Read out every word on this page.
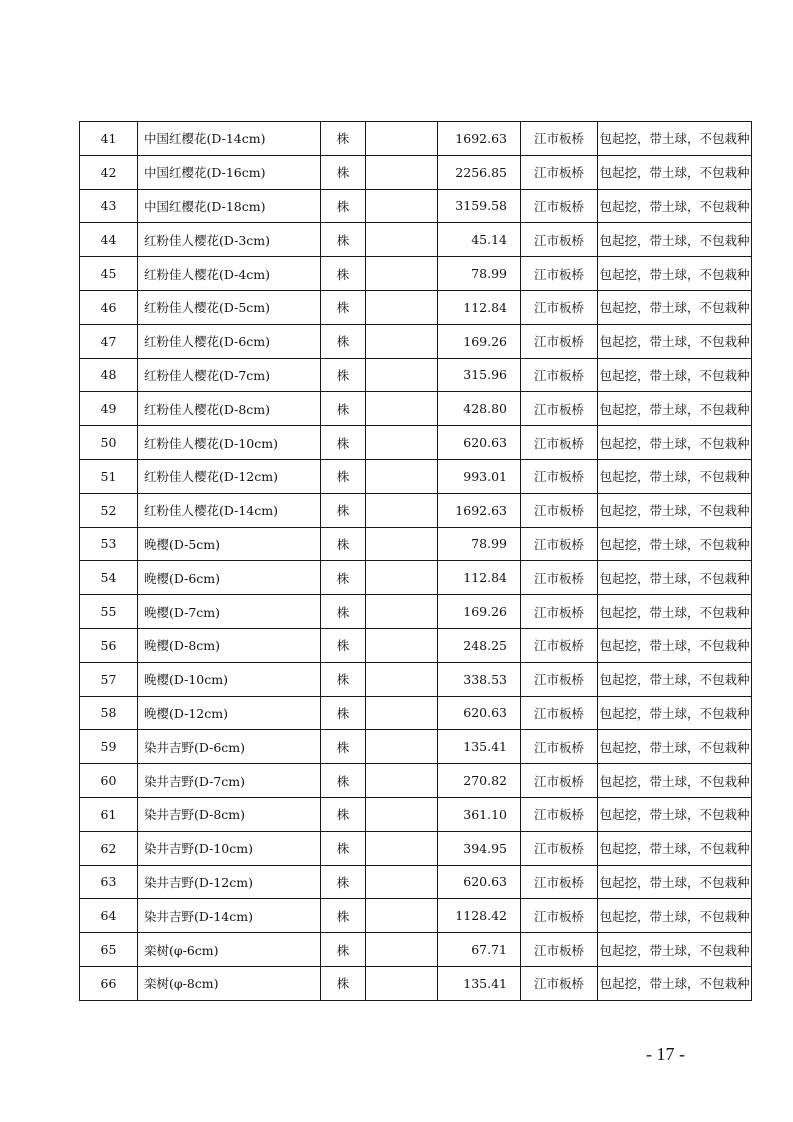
41	中国红樱花(D-14cm)	株		1692.63	江市板桥	包起挖，带土球，不包栽种
42	中国红樱花(D-16cm)	株		2256.85	江市板桥	包起挖，带土球，不包栽种
43	中国红樱花(D-18cm)	株		3159.58	江市板桥	包起挖，带土球，不包栽种
44	红粉佳人樱花(D-3cm)	株		45.14	江市板桥	包起挖，带土球，不包栽种
45	红粉佳人樱花(D-4cm)	株		78.99	江市板桥	包起挖，带土球，不包栽种
46	红粉佳人樱花(D-5cm)	株		112.84	江市板桥	包起挖，带土球，不包栽种
47	红粉佳人樱花(D-6cm)	株		169.26	江市板桥	包起挖，带土球，不包栽种
48	红粉佳人樱花(D-7cm)	株		315.96	江市板桥	包起挖，带土球，不包栽种
49	红粉佳人樱花(D-8cm)	株		428.80	江市板桥	包起挖，带土球，不包栽种
50	红粉佳人樱花(D-10cm)	株		620.63	江市板桥	包起挖，带土球，不包栽种
51	红粉佳人樱花(D-12cm)	株		993.01	江市板桥	包起挖，带土球，不包栽种
52	红粉佳人樱花(D-14cm)	株		1692.63	江市板桥	包起挖，带土球，不包栽种
53	晚樱(D-5cm)	株		78.99	江市板桥	包起挖，带土球，不包栽种
54	晚樱(D-6cm)	株		112.84	江市板桥	包起挖，带土球，不包栽种
55	晚樱(D-7cm)	株		169.26	江市板桥	包起挖，带土球，不包栽种
56	晚樱(D-8cm)	株		248.25	江市板桥	包起挖，带土球，不包栽种
57	晚樱(D-10cm)	株		338.53	江市板桥	包起挖，带土球，不包栽种
58	晚樱(D-12cm)	株		620.63	江市板桥	包起挖，带土球，不包栽种
59	染井吉野(D-6cm)	株		135.41	江市板桥	包起挖，带土球，不包栽种
60	染井吉野(D-7cm)	株		270.82	江市板桥	包起挖，带土球，不包栽种
61	染井吉野(D-8cm)	株		361.10	江市板桥	包起挖，带土球，不包栽种
62	染井吉野(D-10cm)	株		394.95	江市板桥	包起挖，带土球，不包栽种
63	染井吉野(D-12cm)	株		620.63	江市板桥	包起挖，带土球，不包栽种
64	染井吉野(D-14cm)	株		1128.42	江市板桥	包起挖，带土球，不包栽种
65	栾树(φ-6cm)	株		67.71	江市板桥	包起挖，带土球，不包栽种
66	栾树(φ-8cm)	株		135.41	江市板桥	包起挖，带土球，不包栽种
- 17 -
